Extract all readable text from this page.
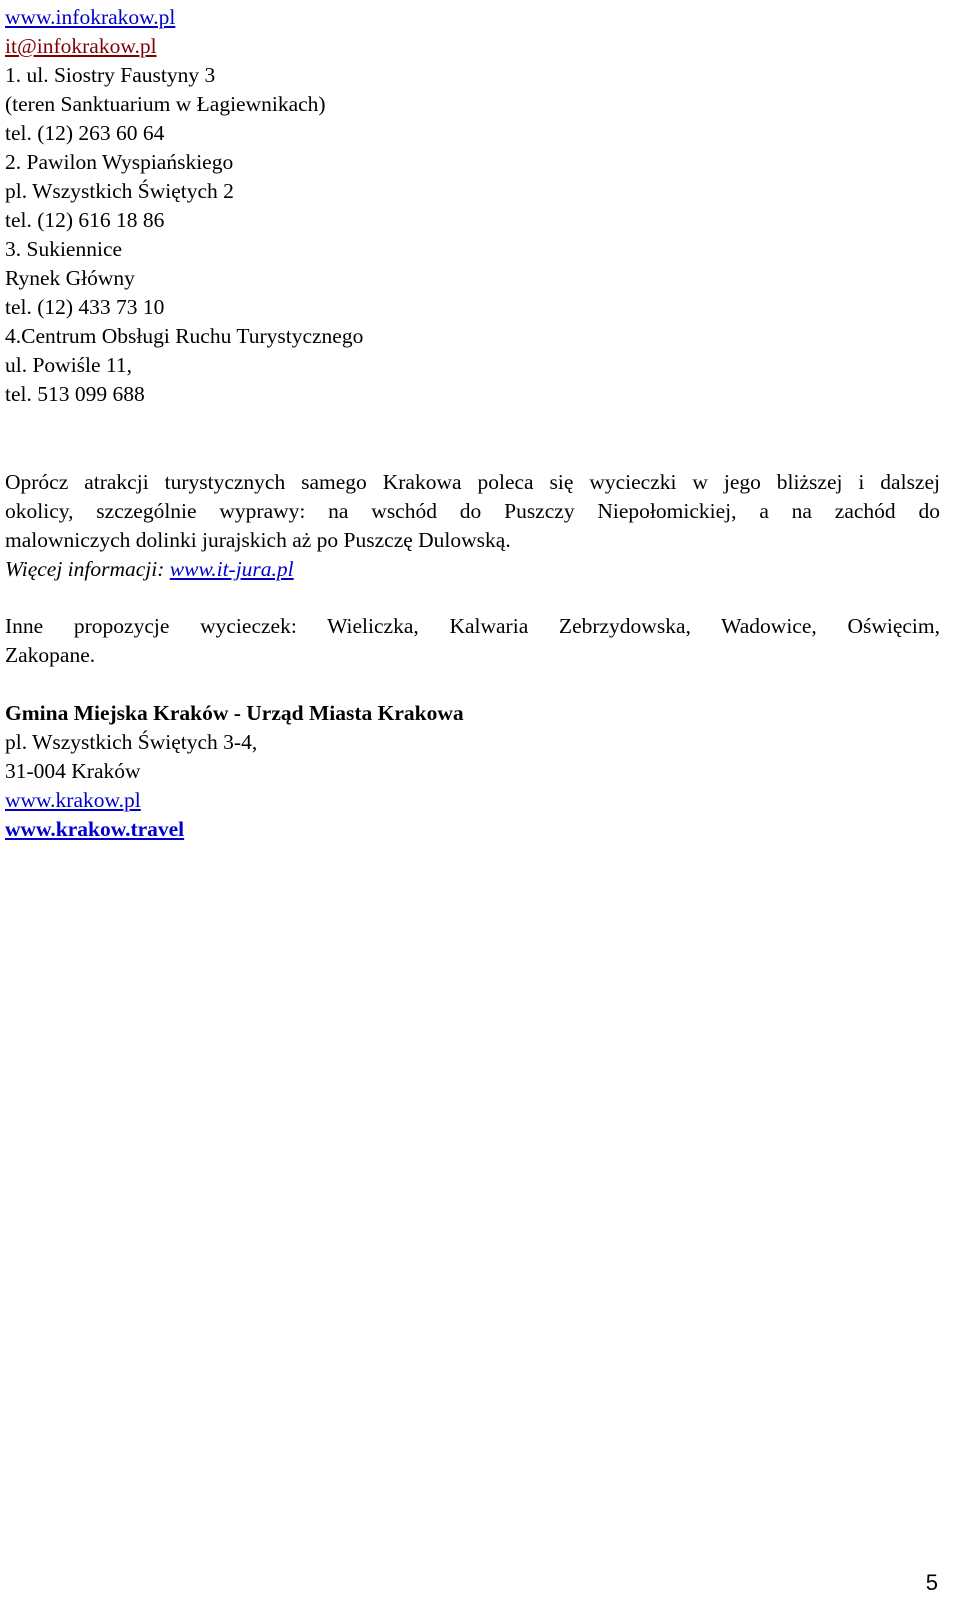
www.infokrakow.pl
it@infokrakow.pl
1. ul. Siostry Faustyny 3
(teren Sanktuarium w Łagiewnikach)
tel. (12) 263 60 64
2. Pawilon Wyspiańskiego
pl. Wszystkich Świętych 2
tel. (12) 616 18 86
3. Sukiennice
Rynek Główny
tel. (12) 433 73 10
4.Centrum Obsługi Ruchu Turystycznego
ul. Powiśle 11,
tel. 513 099 688
Oprócz atrakcji turystycznych samego Krakowa poleca się wycieczki w jego bliższej i dalszej
okolicy, szczególnie wyprawy: na wschód do Puszczy Niepołomickiej, a na zachód do
malowniczych dolinki jurajskich aż po Puszczę Dulowską.
Więcej informacji: www.it-jura.pl
Inne propozycje wycieczek: Wieliczka, Kalwaria Zebrzydowska, Wadowice, Oświęcim,
Zakopane.
Gmina Miejska Kraków - Urząd Miasta Krakowa
pl. Wszystkich Świętych 3-4,
31-004 Kraków
www.krakow.pl
www.krakow.travel
5
